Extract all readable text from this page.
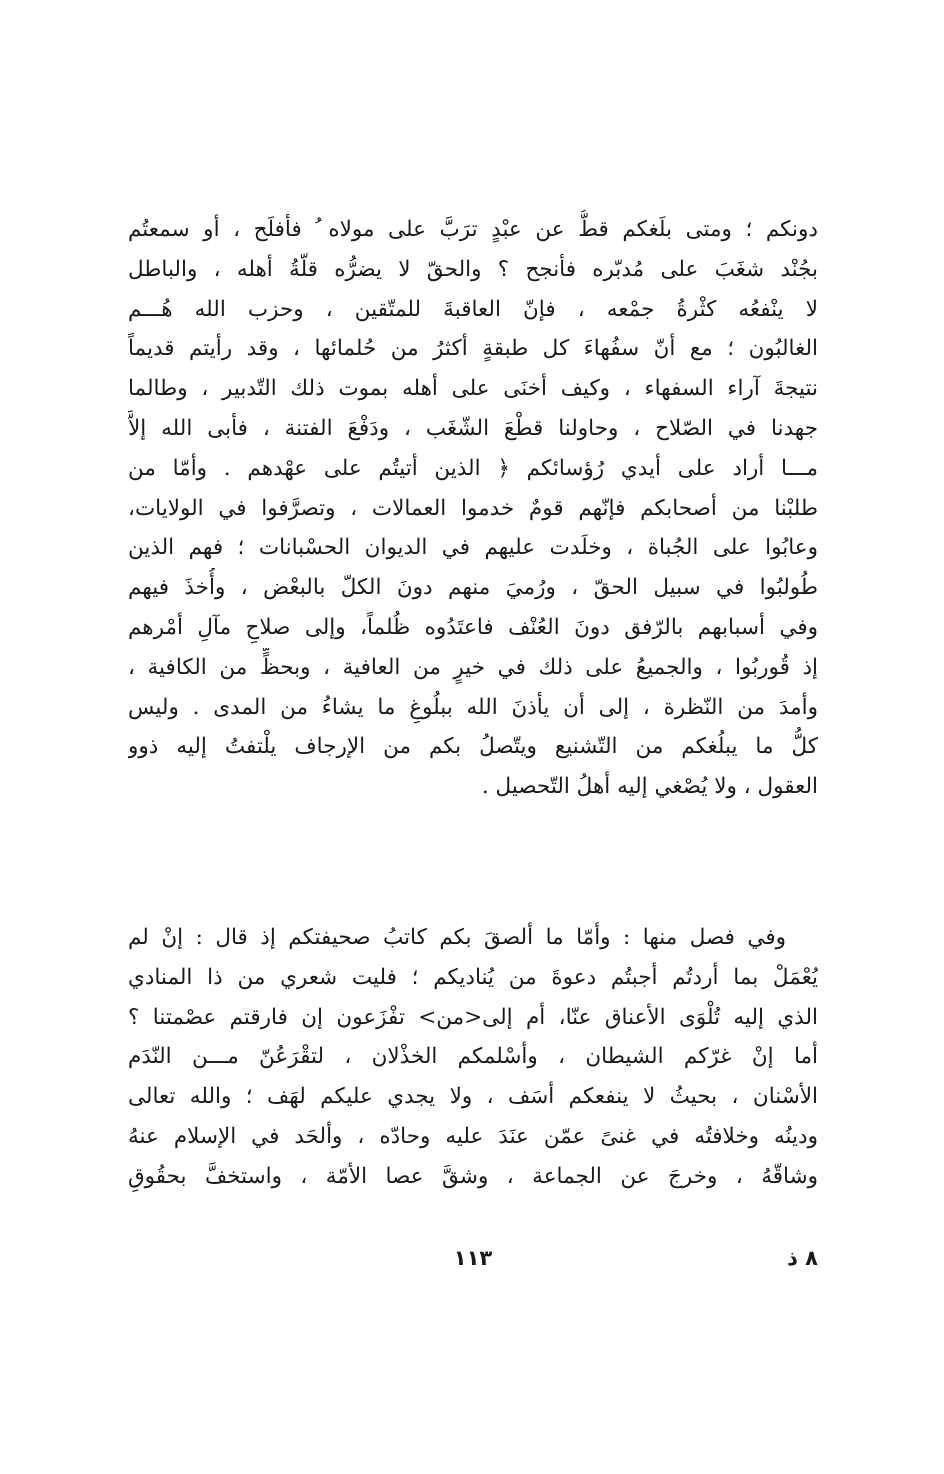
دونكم ؛ ومتى بلَغكم قطُّ عن عبْدٍ ترَبَّ على مولاه ُ فأفلَح ، أو سمعتُم
بجُنْد شغَبَ على مُدبّره فأنجح ؟ والحقّ لا يضرُّه قلّةُ أهله ، والباطل
لا ينْفعُه كثْرةُ جمْعه ، فإنّ العاقبةَ للمتّقين ، وحزب الله هُـــم
الغالبُون ؛ مع أنّ سفُهاءَ كل طبقةٍ أكثرُ من حُلمائها ، وقد رأيتم قديماً
نتيجةَ آراء السفهاء ، وكيف أخنَى على أهله بموت ذلك التّدبير ، وطالما
جهدنا في الصّلاح ، وحاولنا قطْعَ الشّغَب ، ودَفْعَ الفتنة ، فأبى الله إلاَّ
مـــا أراد على أيدي رُؤسائكم ﴿ الذين أتيتُم على عهْدهم . وأمّا من
طلبْنا من أصحابكم فإنّهم قومٌ خدموا العمالات ، وتصرَّفوا في الولايات،
وعابُوا على الجُباة ، وخلَدت عليهم في الديوان الحسْبانات ؛ فهم الذين
طُولبُوا في سبيل الحقّ ، ورُميَ منهم دونَ الكلّ بالبعْض ، وأُخذَ فيهم
وفي أسبابهم بالرّفق دونَ العُنْف فاعتَدُوه ظُلماً، وإلى صلاحِ مآلِ أمْرهم
إذ قُوربُوا ، والجميعُ على ذلك في خيرٍ من العافية ، وبحظٍّ من الكافية ،
وأمدَ من النّظرة ، إلى أن يأذنَ الله ببلُوغِ ما يشاءُ من المدى . وليس
كلُّ ما يبلُغكم من التّشنيع ويتّصلُ بكم من الإرجاف يلْتفتُ إليه ذوو
العقول ، ولا يُصْغي إليه أهلُ التّحصيل .
وفي فصل منها : وأمّا ما ألصقَ بكم كاتبُ صحيفتكم إذ قال : إنْ لم
يُعْمَلْ بما أردتُم أجبتُم دعوةَ من يُناديكم ؛ فليت شعري من ذا المنادي
الذي إليه تُلْوَى الأعناق عنّا، أم إلى<من> تفْزَعون إن فارقتم عصْمتنا ؟
أما إنْ غرّكم الشيطان ، وأسْلمكم الخذْلان ، لتقْرَعُنّ مـــن النّدَم
الأسْنان ، بحيثُ لا ينفعكم أسَف ، ولا يجدي عليكم لهَف ؛ والله تعالى
ودينُه وخلافتُه في غنىً عمّن عنَدَ عليه وحادّه ، وألحَد في الإسلام عنهُ
وشاقّهُ ، وخرجَ عن الجماعة ، وشقَّ عصا الأمّة ، واستخفَّ بحقُوقِ
٨ ذ
١١٣
